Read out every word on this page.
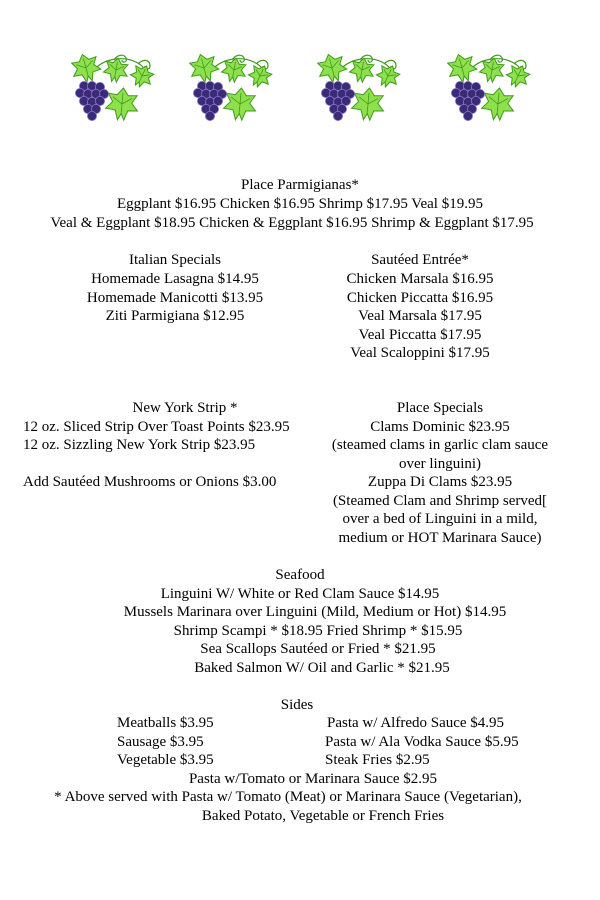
Place Parmigianas*
Eggplant $16.95 Chicken $16.95 Shrimp $17.95 Veal $19.95
Veal & Eggplant $18.95 Chicken & Eggplant $16.95 Shrimp & Eggplant $17.95
Italian Specials
Homemade Lasagna $14.95
Homemade Manicotti $13.95
Ziti Parmigiana $12.95
Sautéed Entrée*
Chicken Marsala $16.95
Chicken Piccatta $16.95
Veal Marsala $17.95
Veal Piccatta $17.95
Veal Scaloppini $17.95
New York Strip *
12 oz. Sliced Strip Over Toast Points $23.95
12 oz. Sizzling New York Strip $23.95
Add Sautéed Mushrooms or Onions $3.00
Place Specials
Clams Dominic $23.95
(steamed clams in garlic clam sauce
over linguini)
Zuppa Di Clams $23.95
(Steamed Clam and Shrimp served[
over a bed of Linguini in a mild,
medium or HOT Marinara Sauce)
Seafood
Linguini W/ White or Red Clam Sauce $14.95
Mussels Marinara over Linguini (Mild, Medium or Hot) $14.95
Shrimp Scampi * $18.95 Fried Shrimp * $15.95
Sea Scallops Sautéed or Fried * $21.95
Baked Salmon W/ Oil and Garlic * $21.95
Sides
Meatballs $3.95
Sausage $3.95
Vegetable $3.95
Pasta w/ Alfredo Sauce $4.95
Pasta w/ Ala Vodka Sauce $5.95
Steak Fries $2.95
Pasta w/Tomato or Marinara Sauce $2.95
* Above served with Pasta w/ Tomato (Meat) or Marinara Sauce (Vegetarian),
Baked Potato, Vegetable or French Fries
